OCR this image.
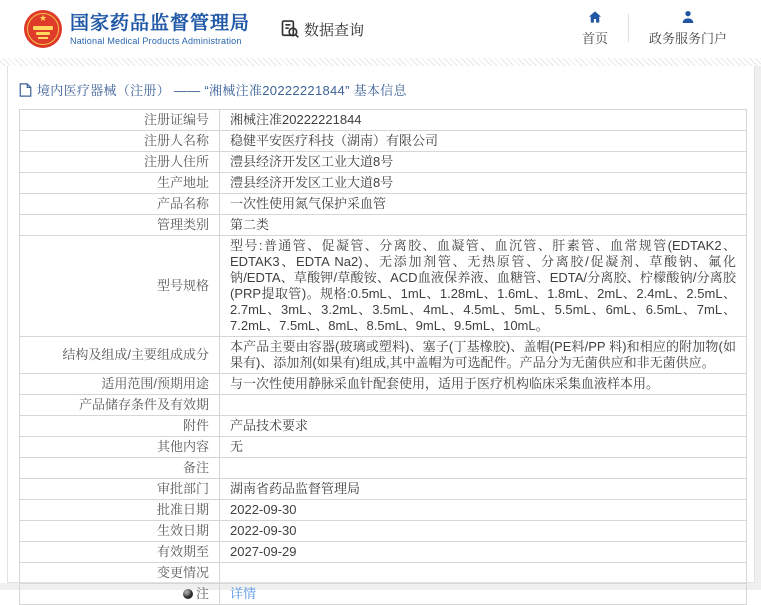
★ 国家药品监督管理局
National Medical Products Administration
数据查询	首页	政务服务门户
境内医疗器械（注册） —— “湘械注准20222221844” 基本信息
注册证编号	湘械注准20222221844
注册人名称	稳健平安医疗科技（湖南）有限公司
注册人住所	澧县经济开发区工业大道8号
生产地址	澧县经济开发区工业大道8号
产品名称	一次性使用氮气保护采血管
管理类别	第二类
型号规格	型号:普通管、促凝管、分离胶、血凝管、血沉管、肝素管、血常规管(EDTAK2、EDTAK3、EDTA Na2)、无添加剂管、无热原管、分离胶/促凝剂、草酸钠、氟化钠/EDTA、草酸钾/草酸铵、ACD血液保养液、血糖管、EDTA/分离胶、柠檬酸钠/分离胶(PRP提取管)。规格:0.5mL、1mL、1.28mL、1.6mL、1.8mL、2mL、2.4mL、2.5mL、2.7mL、3mL、3.2mL、3.5mL、4mL、4.5mL、5mL、5.5mL、6mL、6.5mL、7mL、7.2mL、7.5mL、8mL、8.5mL、9mL、9.5mL、10mL。
结构及组成/主要组成成分	本产品主要由容器(玻璃或塑料)、塞子(丁基橡胶)、盖帽(PE料/PP 料)和相应的附加物(如果有)、添加剂(如果有)组成,其中盖帽为可选配件。产品分为无菌供应和非无菌供应。
适用范围/预期用途	与一次性使用静脉采血针配套使用，适用于医疗机构临床采集血液样本用。
产品储存条件及有效期	
附件	产品技术要求
其他内容	无
备注	
审批部门	湖南省药品监督管理局
批准日期	2022-09-30
生效日期	2022-09-30
有效期至	2027-09-29
变更情况	
注	详情
